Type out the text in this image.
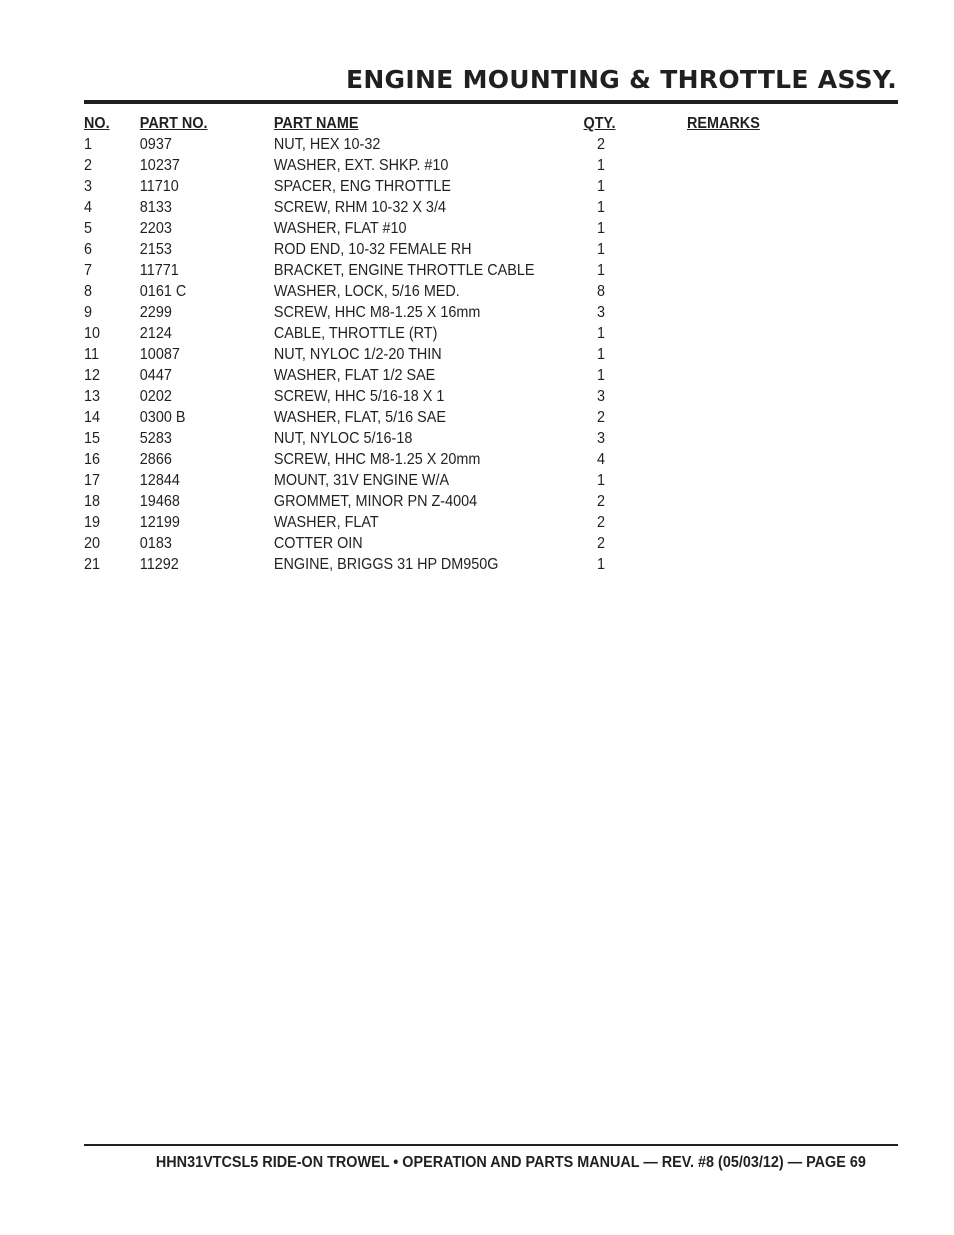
ENGINE MOUNTING & THROTTLE ASSY.
NO.	PART NO.	PART NAME	QTY.	REMARKS
1	0937	NUT, HEX 10-32	2	
2	10237	WASHER, EXT. SHKP. #10	1	
3	11710	SPACER, ENG THROTTLE	1	
4	8133	SCREW, RHM 10-32 X 3/4	1	
5	2203	WASHER, FLAT #10	1	
6	2153	ROD END, 10-32 FEMALE RH	1	
7	11771	BRACKET, ENGINE THROTTLE CABLE	1	
8	0161 C	WASHER, LOCK, 5/16 MED.	8	
9	2299	SCREW, HHC M8-1.25 X 16mm	3	
10	2124	CABLE, THROTTLE (RT)	1	
11	10087	NUT, NYLOC 1/2-20 THIN	1	
12	0447	WASHER, FLAT 1/2 SAE	1	
13	0202	SCREW, HHC 5/16-18 X 1	3	
14	0300 B	WASHER, FLAT, 5/16 SAE	2	
15	5283	NUT, NYLOC 5/16-18	3	
16	2866	SCREW, HHC M8-1.25 X 20mm	4	
17	12844	MOUNT, 31V ENGINE W/A	1	
18	19468	GROMMET, MINOR PN Z-4004	2	
19	12199	WASHER, FLAT	2	
20	0183	COTTER OIN	2	
21	11292	ENGINE, BRIGGS 31 HP DM950G	1	
HHN31VTCSL5 RIDE-ON TROWEL • OPERATION AND PARTS MANUAL — REV. #8 (05/03/12) — PAGE 69
